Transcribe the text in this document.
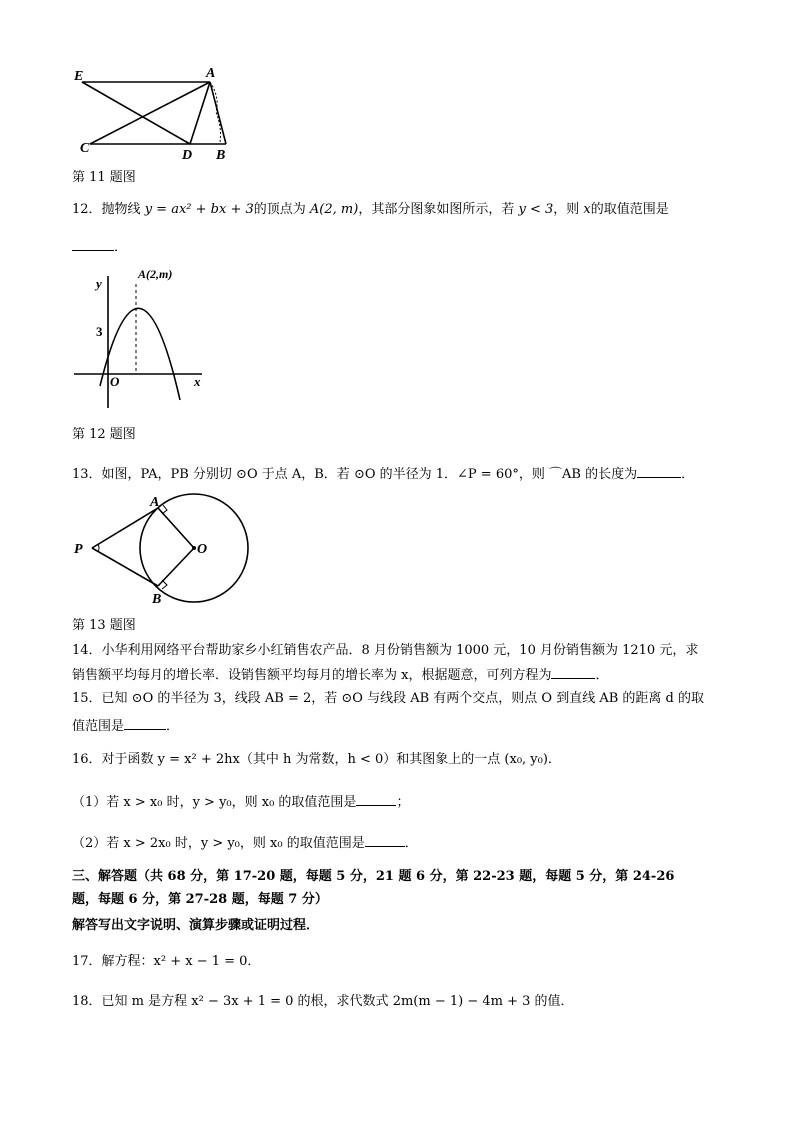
E	A
C	D B
第 11 题图
12．抛物线 y = ax² + bx + 3的顶点为 A(2, m)，其部分图象如图所示，若 y < 3，则 x的取值范围是
．
y
x
O
3
A(2,m)
第 12 题图
13．如图，PA，PB 分别切 ⊙O 于点 A，B．若 ⊙O 的半径为 1．∠P = 60°，则 ⌒AB 的长度为	．
P
A
O
B
第 13 题图
14．小华利用网络平台帮助家乡小红销售农产品．8 月份销售额为 1000 元，10 月份销售额为 1210 元，求
销售额平均每月的增长率．设销售额平均每月的增长率为 x，根据题意，可列方程为	．
15．已知 ⊙O 的半径为 3，线段 AB = 2，若 ⊙O 与线段 AB 有两个交点，则点 O 到直线 AB 的距离 d 的取
值范围是	．
16．对于函数 y = x² + 2hx（其中 h 为常数，h < 0）和其图象上的一点 (x₀, y₀)．
（1）若 x > x₀ 时，y > y₀，则 x₀ 的取值范围是	；
（2）若 x > 2x₀ 时，y > y₀，则 x₀ 的取值范围是	．
三、解答题（共 68 分，第 17-20 题，每题 5 分，21 题 6 分，第 22-23 题，每题 5 分，第 24-26
题，每题 6 分，第 27-28 题，每题 7 分）
解答写出文字说明、演算步骤或证明过程．
17．解方程：x² + x − 1 = 0．
18．已知 m 是方程 x² − 3x + 1 = 0 的根，求代数式 2m(m − 1) − 4m + 3 的值．
